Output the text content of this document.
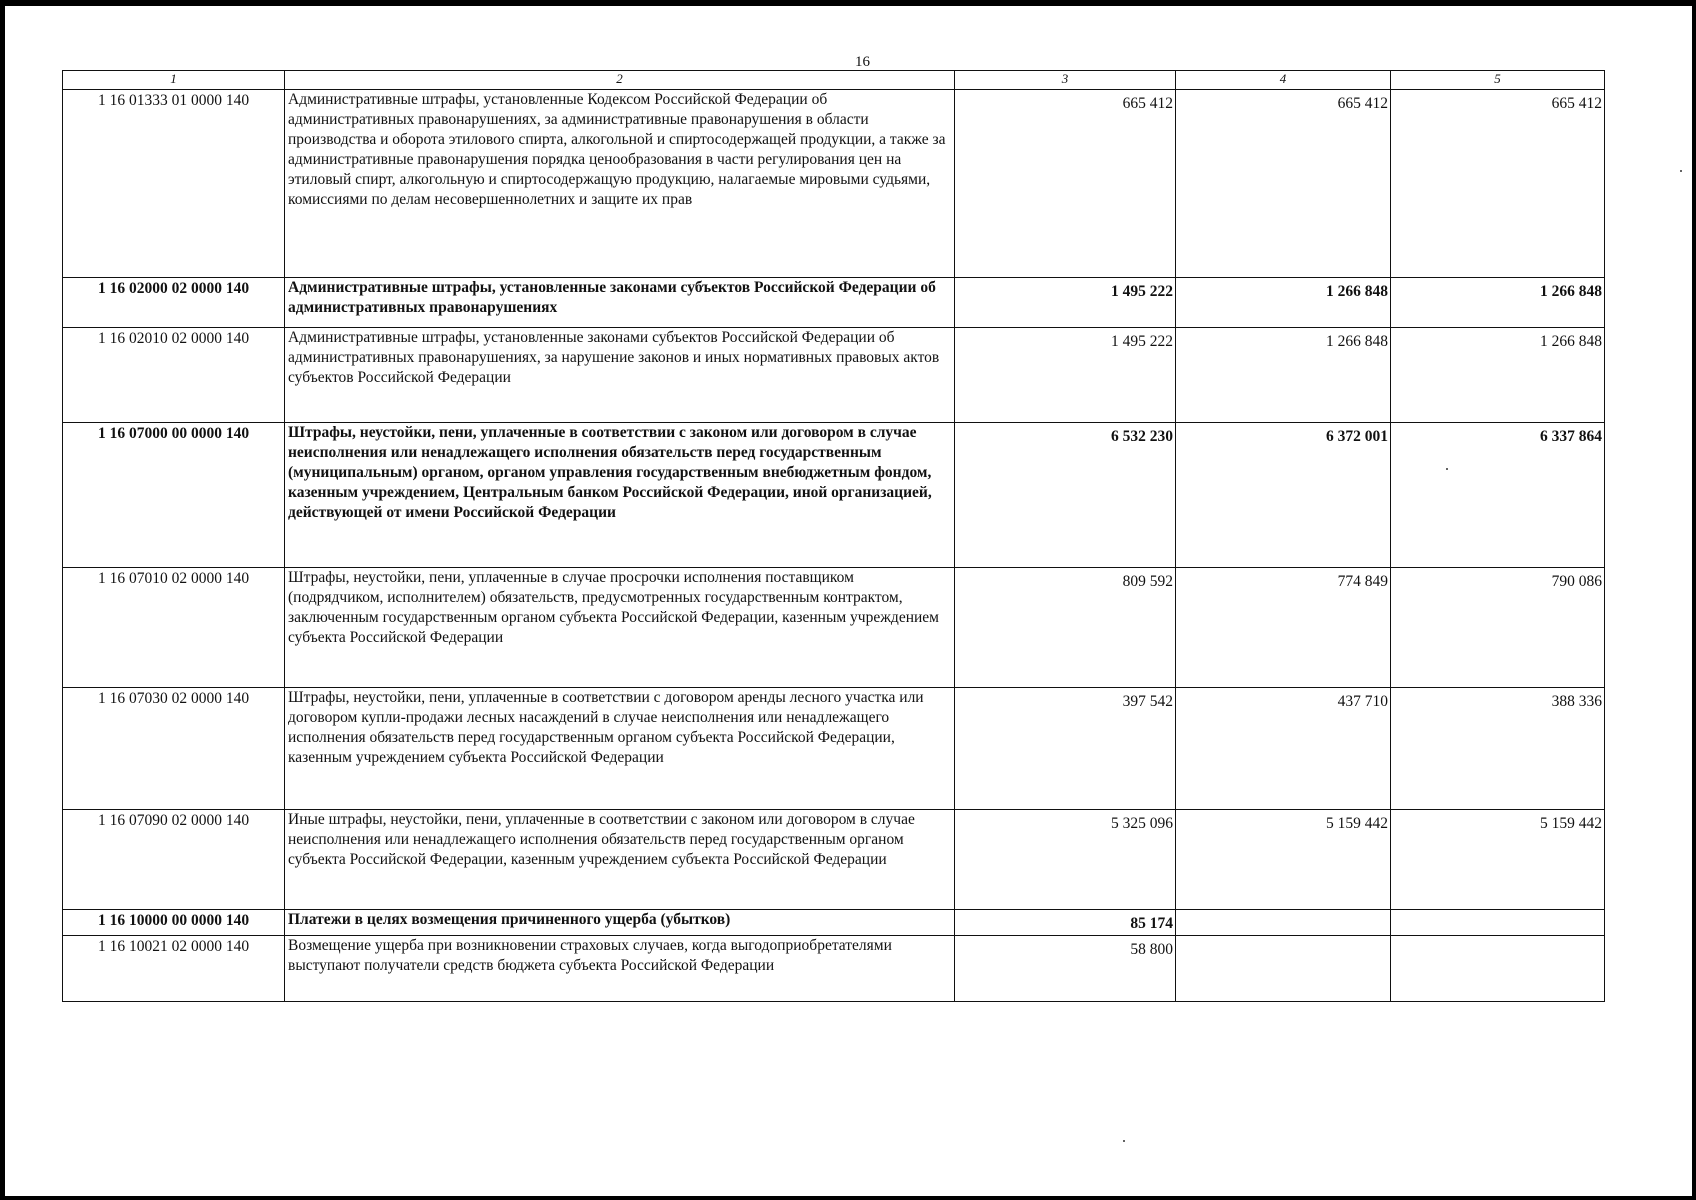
16
1	2	3	4	5
1 16 01333 01 0000 140	Административные штрафы, установленные Кодексом Российской Федерации об административных правонарушениях, за административные правонарушения в области производства и оборота этилового спирта, алкогольной и спиртосодержащей продукции, а также за административные правонарушения порядка ценообразования в части регулирования цен на этиловый спирт, алкогольную и спиртосодержащую продукцию, налагаемые мировыми судьями, комиссиями по делам несовершеннолетних и защите их прав	665 412	665 412	665 412
1 16 02000 02 0000 140	Административные штрафы, установленные законами субъектов Российской Федерации об административных правонарушениях	1 495 222	1 266 848	1 266 848
1 16 02010 02 0000 140	Административные штрафы, установленные законами субъектов Российской Федерации об административных правонарушениях, за нарушение законов и иных нормативных правовых актов субъектов Российской Федерации	1 495 222	1 266 848	1 266 848
1 16 07000 00 0000 140	Штрафы, неустойки, пени, уплаченные в соответствии с законом или договором в случае неисполнения или ненадлежащего исполнения обязательств перед государственным (муниципальным) органом, органом управления государственным внебюджетным фондом, казенным учреждением, Центральным банком Российской Федерации, иной организацией, действующей от имени Российской Федерации	6 532 230	6 372 001	6 337 864
1 16 07010 02 0000 140	Штрафы, неустойки, пени, уплаченные в случае просрочки исполнения поставщиком (подрядчиком, исполнителем) обязательств, предусмотренных государственным контрактом, заключенным государственным органом субъекта Российской Федерации, казенным учреждением субъекта Российской Федерации	809 592	774 849	790 086
1 16 07030 02 0000 140	Штрафы, неустойки, пени, уплаченные в соответствии с договором аренды лесного участка или договором купли-продажи лесных насаждений в случае неисполнения или ненадлежащего исполнения обязательств перед государственным органом субъекта Российской Федерации, казенным учреждением субъекта Российской Федерации	397 542	437 710	388 336
1 16 07090 02 0000 140	Иные штрафы, неустойки, пени, уплаченные в соответствии с законом или договором в случае неисполнения или ненадлежащего исполнения обязательств перед государственным органом субъекта Российской Федерации, казенным учреждением субъекта Российской Федерации	5 325 096	5 159 442	5 159 442
1 16 10000 00 0000 140	Платежи в целях возмещения причиненного ущерба (убытков)	85 174		
1 16 10021 02 0000 140	Возмещение ущерба при возникновении страховых случаев, когда выгодоприобретателями выступают получатели средств бюджета субъекта Российской Федерации	58 800		
